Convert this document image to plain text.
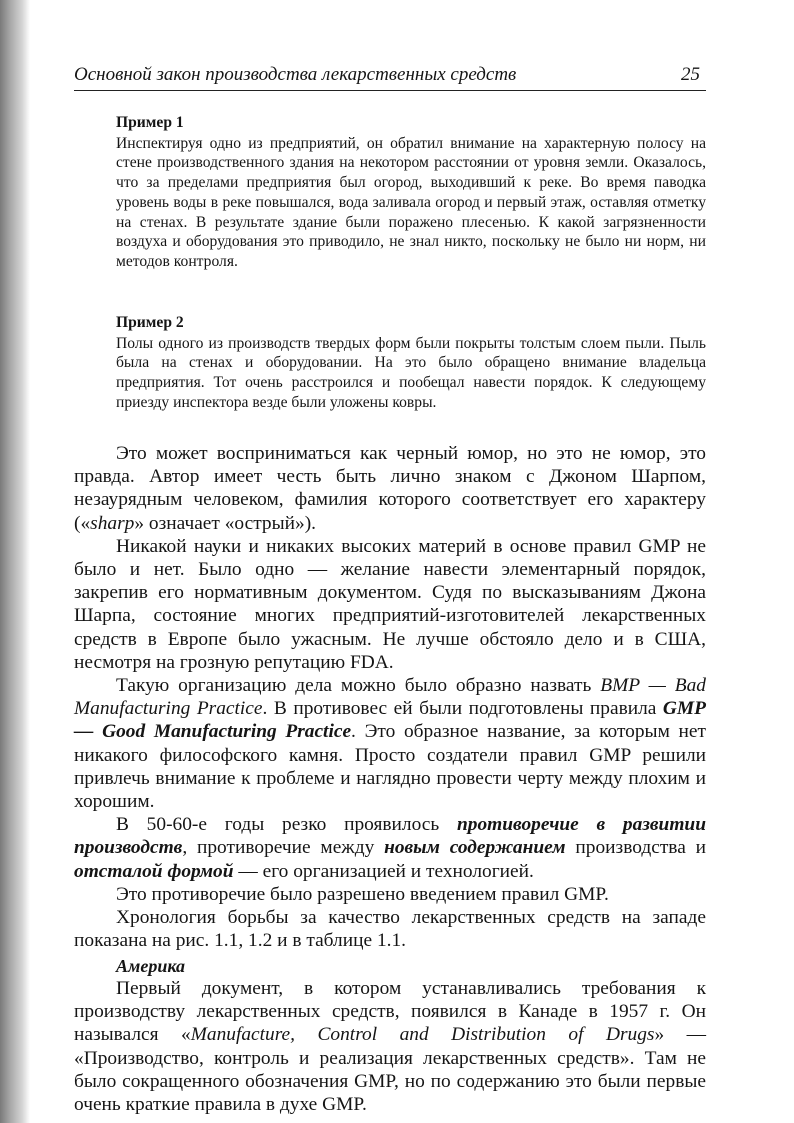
Основной закон производства лекарственных средств	25
Пример 1
Инспектируя одно из предприятий, он обратил внимание на характерную полосу на стене производственного здания на некотором расстоянии от уровня земли. Оказалось, что за пределами предприятия был огород, выходивший к реке. Во время паводка уровень воды в реке повышался, вода заливала огород и первый этаж, оставляя отметку на стенах. В результате здание были поражено плесенью. К какой загрязненности воздуха и оборудования это приводило, не знал никто, поскольку не было ни норм, ни методов контроля.
Пример 2
Полы одного из производств твердых форм были покрыты толстым слоем пыли. Пыль была на стенах и оборудовании. На это было обращено внимание владельца предприятия. Тот очень расстроился и пообещал навести порядок. К следующему приезду инспектора везде были уложены ковры.

Это может восприниматься как черный юмор, но это не юмор, это правда. Автор имеет честь быть лично знаком с Джоном Шарпом, незаурядным человеком, фамилия которого соответствует его характеру («sharp» означает «острый»).

Никакой науки и никаких высоких материй в основе правил GMP не было и нет. Было одно — желание навести элементарный порядок, закрепив его нормативным документом. Судя по высказываниям Джона Шарпа, состояние многих предприятий-изготовителей лекарственных средств в Европе было ужасным. Не лучше обстояло дело и в США, несмотря на грозную репутацию FDA.

Такую организацию дела можно было образно назвать BMP — Bad Manufacturing Practice. В противовес ей были подготовлены правила GMP — Good Manufacturing Practice. Это образное название, за которым нет никакого философского камня. Просто создатели правил GMP решили привлечь внимание к проблеме и наглядно провести черту между плохим и хорошим.

В 50-60-е годы резко проявилось противоречие в развитии производств, противоречие между новым содержанием производства и отсталой формой — его организацией и технологией.

Это противоречие было разрешено введением правил GMP.

Хронология борьбы за качество лекарственных средств на западе показана на рис. 1.1, 1.2 и в таблице 1.1.

Америка

Первый документ, в котором устанавливались требования к производству лекарственных средств, появился в Канаде в 1957 г. Он назывался «Manufacture, Control and Distribution of Drugs» — «Производство, контроль и реализация лекарственных средств». Там не было сокращенного обозначения GMP, но по содержанию это были первые очень краткие правила в духе GMP.
